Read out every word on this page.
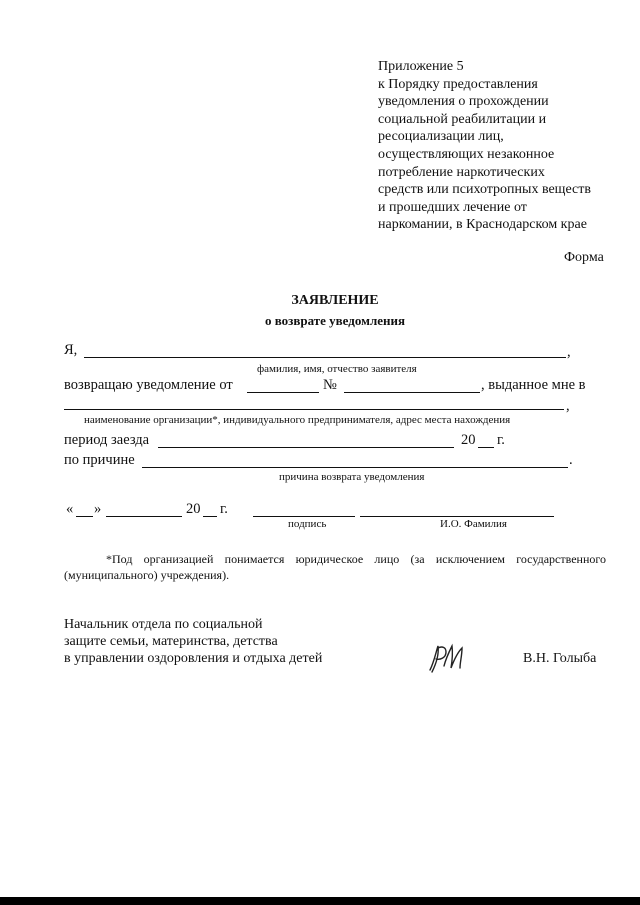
Приложение 5
к Порядку предоставления
уведомления о прохождении
социальной реабилитации и
ресоциализации лиц,
осуществляющих незаконное
потребление наркотических
средств или психотропных веществ
и прошедших лечение от
наркомании, в Краснодарском крае
Форма
ЗАЯВЛЕНИЕ
о возврате уведомления
Я,	,
фамилия, имя, отчество заявителя
возвращаю уведомление от	№	, выданное мне в
,
наименование организации*, индивидуального предпринимателя, адрес места нахождения
период заезда	20 г.
по причине	.
причина возврата уведомления
« »	20 г.
подпись	И.О. Фамилия
*Под организацией понимается юридическое лицо (за исключением государственного (муниципального) учреждения).
Начальник отдела по социальной
защите семьи, материнства, детства
в управлении оздоровления и отдыха детей	В.Н. Голыба
